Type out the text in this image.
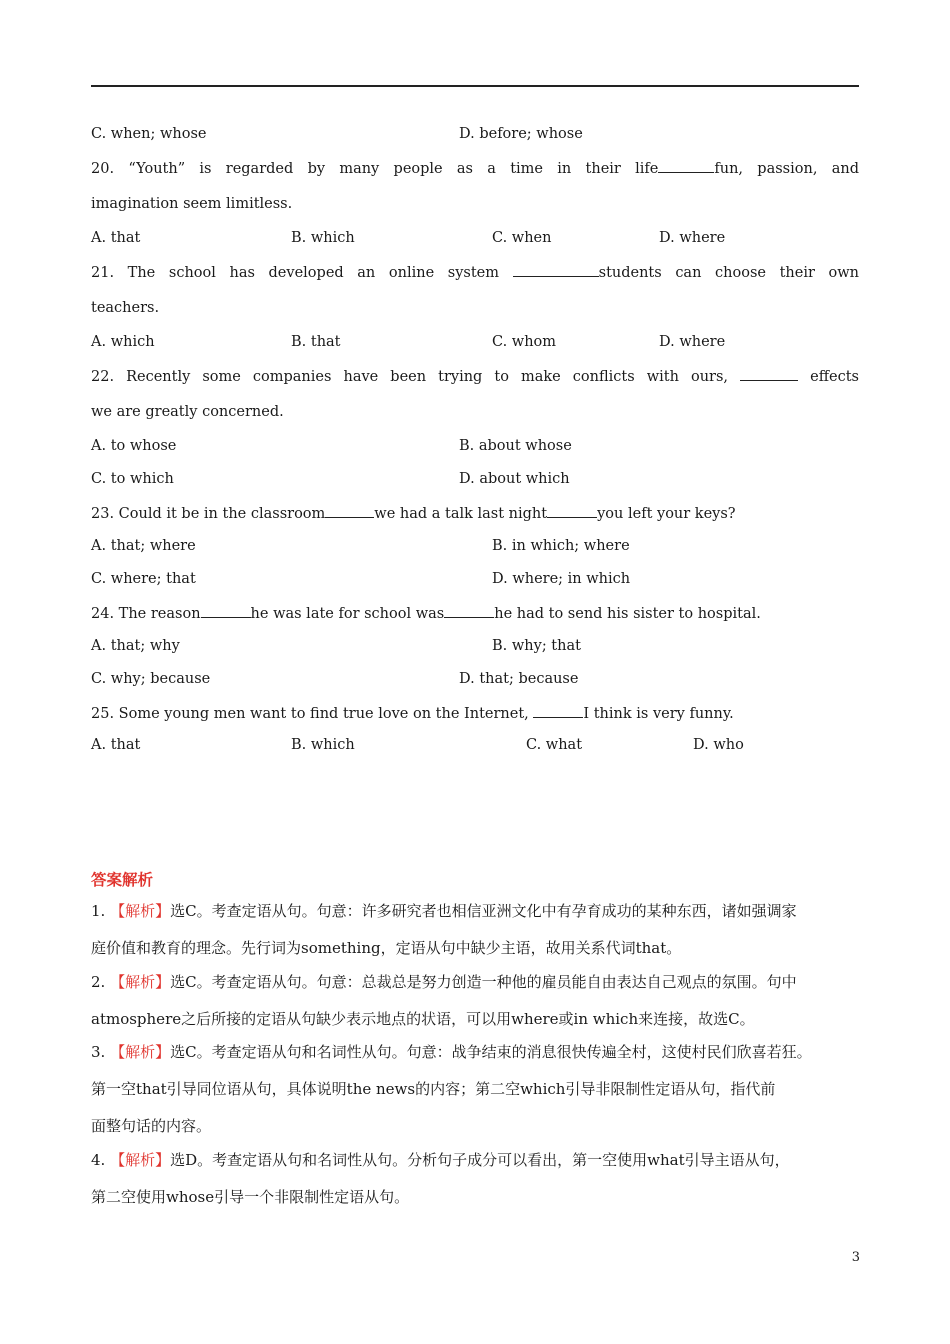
C. when; whose	D. before; whose
20. “Youth” is regarded by many people as a time in their life	fun, passion, and
imagination seem limitless.
A. that	B. which	C. when	D. where
21. The school has developed an online system	students can choose their own
teachers.
A. which	B. that	C. whom	D. where
22. Recently some companies have been trying to make conflicts with ours,	effects
we are greatly concerned.
A. to whose	B. about whose
C. to which	D. about which
23. Could it be in the classroom	we had a talk last night	you left your keys?
A. that; where	B. in which; where
C. where; that	D. where; in which
24. The reason	he was late for school was	he had to send his sister to hospital.
A. that; why	B. why; that
C. why; because	D. that; because
25. Some young men want to find true love on the Internet,	I think is very funny.
A. that	B. which	C. what	D. who
答案解析
1. 【解析】选C。考查定语从句。句意：许多研究者也相信亚洲文化中有孕育成功的某种东西，诸如强调家
庭价值和教育的理念。先行词为something，定语从句中缺少主语，故用关系代词that。
2. 【解析】选C。考查定语从句。句意：总裁总是努力创造一种他的雇员能自由表达自己观点的氛围。句中
atmosphere之后所接的定语从句缺少表示地点的状语，可以用where或in which来连接，故选C。
3. 【解析】选C。考查定语从句和名词性从句。句意：战争结束的消息很快传遍全村，这使村民们欣喜若狂。
第一空that引导同位语从句，具体说明the news的内容；第二空which引导非限制性定语从句，指代前
面整句话的内容。
4. 【解析】选D。考查定语从句和名词性从句。分析句子成分可以看出，第一空使用what引导主语从句，
第二空使用whose引导一个非限制性定语从句。
3
